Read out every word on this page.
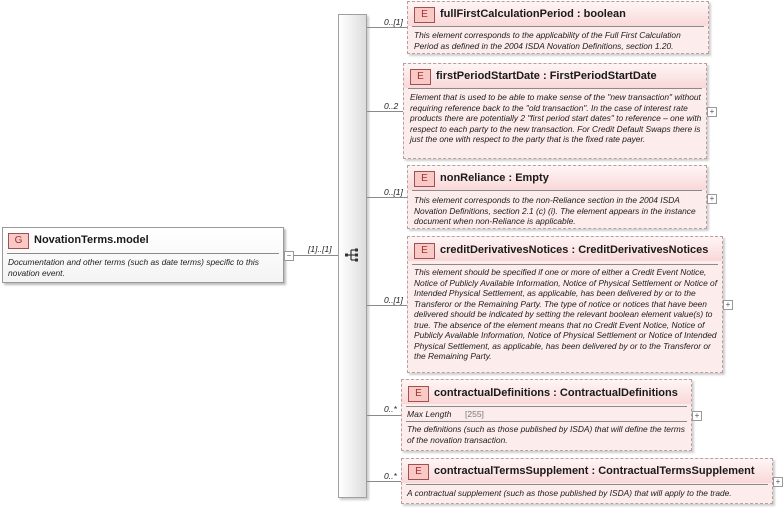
G	NovationTerms.model
Documentation and other terms (such as date terms) specific to this novation event.
−
[1]..[1]
0..[1]
E	fullFirstCalculationPeriod : boolean
This element corresponds to the applicability of the Full First Calculation Period as defined in the 2004 ISDA Novation Definitions, section 1.20.
0..2
E	firstPeriodStartDate : FirstPeriodStartDate
Element that is used to be able to make sense of the "new transaction" without requiring reference back to the "old transaction". In the case of interest rate products there are potentially 2 "first period start dates" to reference – one with respect to each party to the new transaction. For Credit Default Swaps there is just the one with respect to the party that is the fixed rate payer.
+
0..[1]
E	nonReliance : Empty
This element corresponds to the non-Reliance section in the 2004 ISDA Novation Definitions, section 2.1 (c) (i). The element appears in the instance document when non-Reliance is applicable.
+
0..[1]
E	creditDerivativesNotices : CreditDerivativesNotices
This element should be specified if one or more of either a Credit Event Notice, Notice of Publicly Available Information, Notice of Physical Settlement or Notice of Intended Physical Settlement, as applicable, has been delivered by or to the Transferor or the Remaining Party. The type of notice or notices that have been delivered should be indicated by setting the relevant boolean element value(s) to true. The absence of the element means that no Credit Event Notice, Notice of Publicly Available Information, Notice of Physical Settlement or Notice of Intended Physical Settlement, as applicable, has been delivered by or to the Transferor or the Remaining Party.
+
0..*
E	contractualDefinitions : ContractualDefinitions
Max Length [255]
The definitions (such as those published by ISDA) that will define the terms of the novation transaction.
+
0..*	E	contractualTermsSupplement : ContractualTermsSupplement
A contractual supplement (such as those published by ISDA) that will apply to the trade.
+
